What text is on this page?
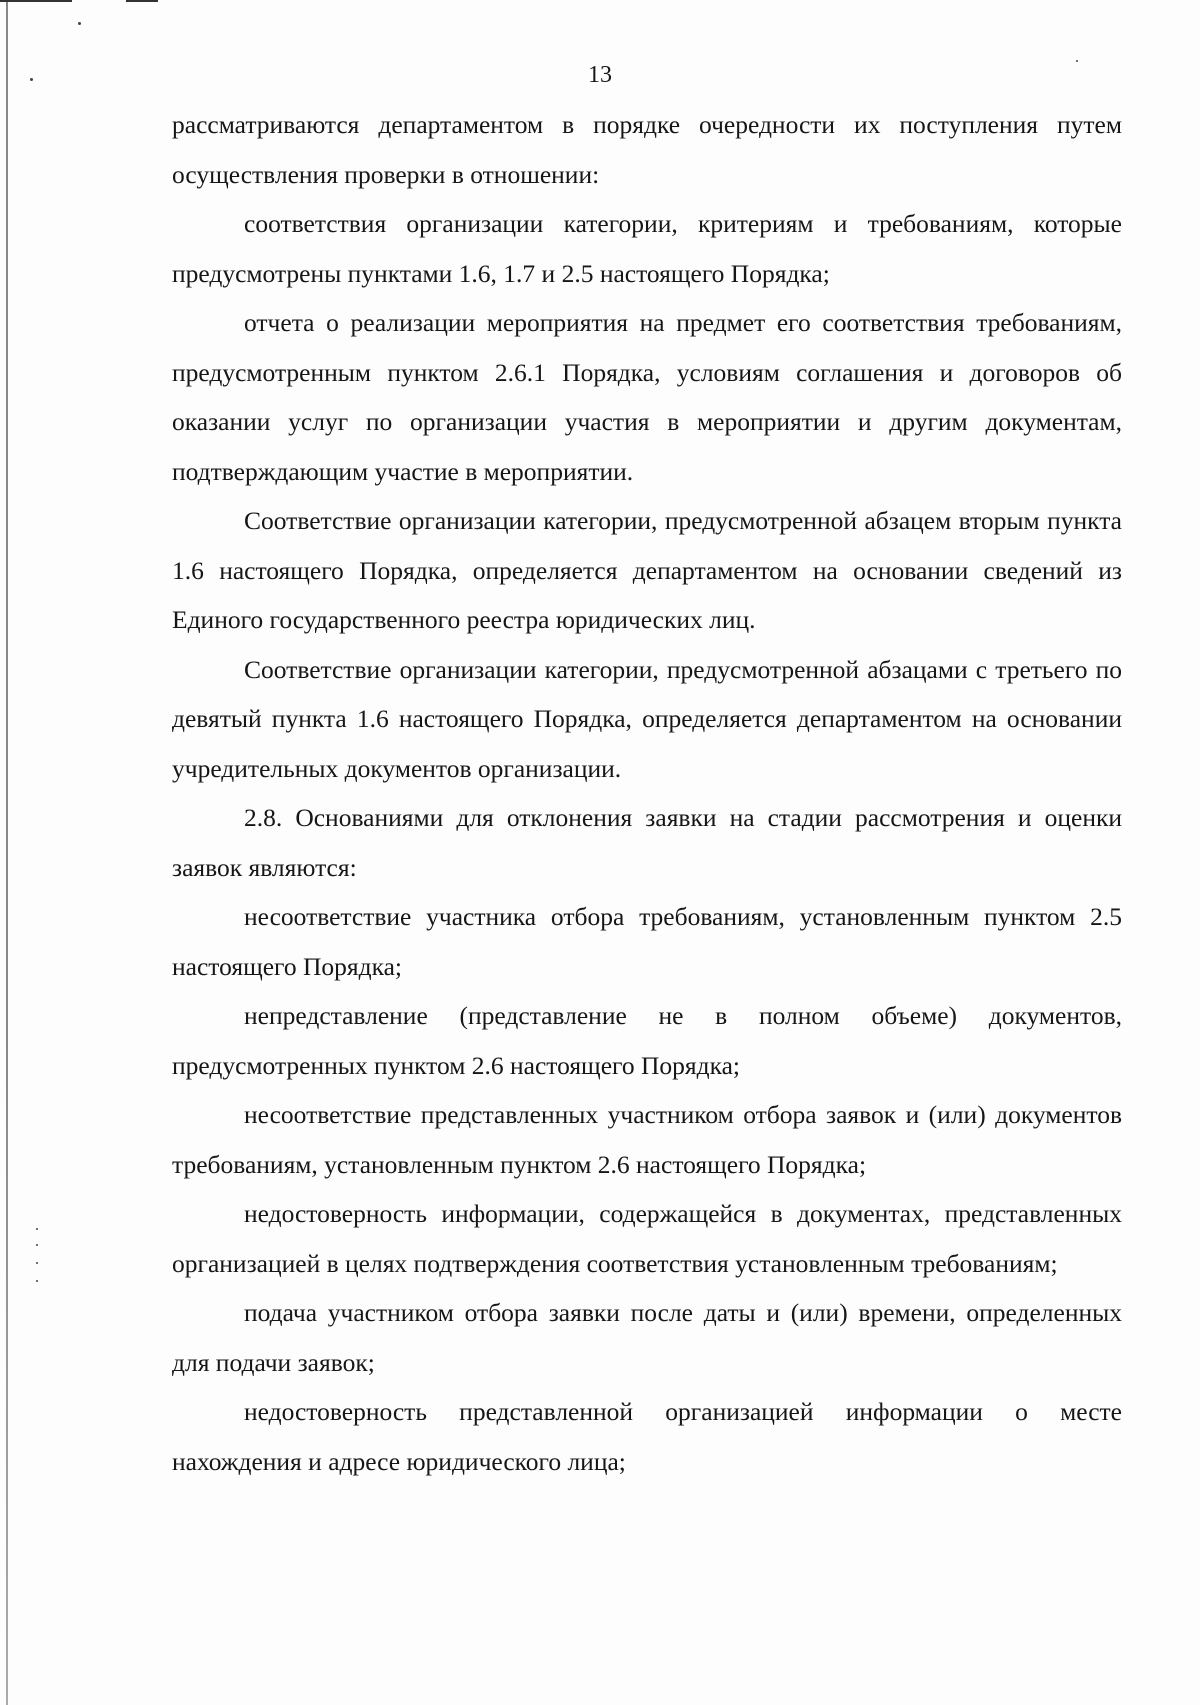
13

рассматриваются департаментом в порядке очередности их поступления путем осуществления проверки в отношении:

соответствия организации категории, критериям и требованиям, которые предусмотрены пунктами 1.6, 1.7 и 2.5 настоящего Порядка;

отчета о реализации мероприятия на предмет его соответствия требованиям, предусмотренным пунктом 2.6.1 Порядка, условиям соглашения и договоров об оказании услуг по организации участия в мероприятии и другим документам, подтверждающим участие в мероприятии.

Соответствие организации категории, предусмотренной абзацем вторым пункта 1.6 настоящего Порядка, определяется департаментом на основании сведений из Единого государственного реестра юридических лиц.

Соответствие организации категории, предусмотренной абзацами с третьего по девятый пункта 1.6 настоящего Порядка, определяется департаментом на основании учредительных документов организации.

2.8. Основаниями для отклонения заявки на стадии рассмотрения и оценки заявок являются:

несоответствие участника отбора требованиям, установленным пунктом 2.5 настоящего Порядка;

непредставление (представление не в полном объеме) документов, предусмотренных пунктом 2.6 настоящего Порядка;

несоответствие представленных участником отбора заявок и (или) документов требованиям, установленным пунктом 2.6 настоящего Порядка;

недостоверность информации, содержащейся в документах, представленных организацией в целях подтверждения соответствия установленным требованиям;

подача участником отбора заявки после даты и (или) времени, определенных для подачи заявок;

недостоверность представленной организацией информации о месте нахождения и адресе юридического лица;
